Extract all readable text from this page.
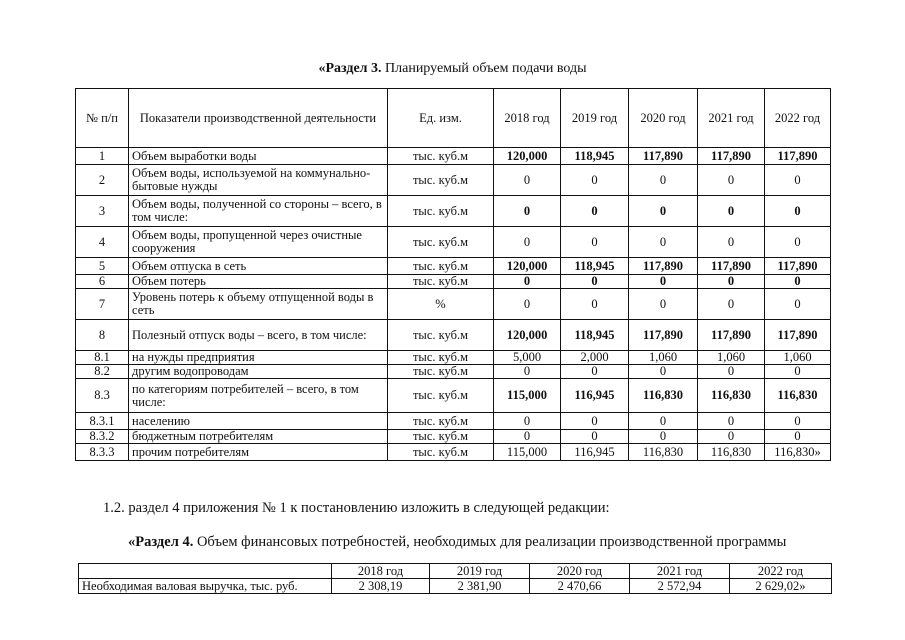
«Раздел 3. Планируемый объем подачи воды
№ п/п	Показатели производственной деятельности	Ед. изм.	2018 год	2019 год	2020 год	2021 год	2022 год
1	Объем выработки воды	тыс. куб.м	120,000	118,945	117,890	117,890	117,890
2	Объем воды, используемой на коммунально-бытовые нужды	тыс. куб.м	0	0	0	0	0
3	Объем воды, полученной со стороны – всего, в том числе:	тыс. куб.м	0	0	0	0	0
4	Объем воды, пропущенной через очистные сооружения	тыс. куб.м	0	0	0	0	0
5	Объем отпуска в сеть	тыс. куб.м	120,000	118,945	117,890	117,890	117,890
6	Объем потерь	тыс. куб.м	0	0	0	0	0
7	Уровень потерь к объему отпущенной воды в сеть	%	0	0	0	0	0
8	Полезный отпуск воды – всего, в том числе:	тыс. куб.м	120,000	118,945	117,890	117,890	117,890
8.1	на нужды предприятия	тыс. куб.м	5,000	2,000	1,060	1,060	1,060
8.2	другим водопроводам	тыс. куб.м	0	0	0	0	0
8.3	по категориям потребителей – всего, в том числе:	тыс. куб.м	115,000	116,945	116,830	116,830	116,830
8.3.1	населению	тыс. куб.м	0	0	0	0	0
8.3.2	бюджетным потребителям	тыс. куб.м	0	0	0	0	0
8.3.3	прочим потребителям	тыс. куб.м	115,000	116,945	116,830	116,830	116,830»
1.2. раздел 4 приложения № 1 к постановлению изложить в следующей редакции:
«Раздел 4. Объем финансовых потребностей, необходимых для реализации производственной программы
	2018 год	2019 год	2020 год	2021 год	2022 год
Необходимая валовая выручка, тыс. руб.	2 308,19	2 381,90	2 470,66	2 572,94	2 629,02»
